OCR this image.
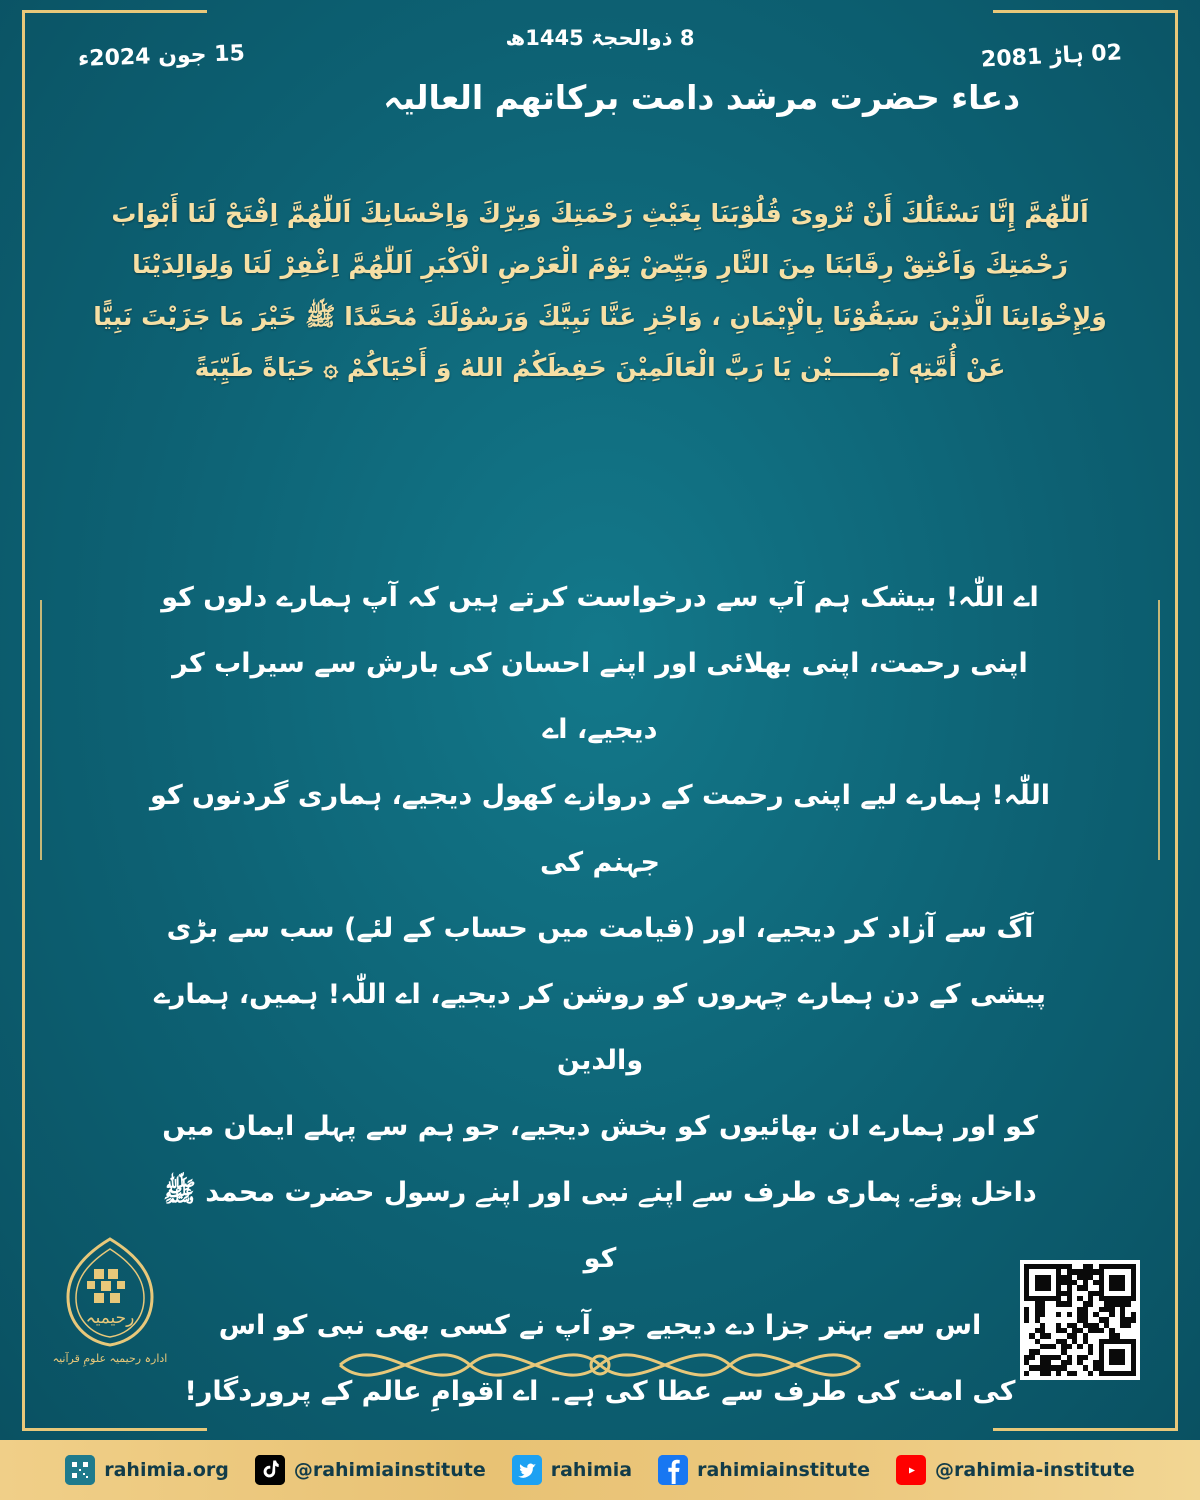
8 ذوالحجۃ 1445ھ
15 جون 2024ء	02 ہاڑ 2081
دعاء حضرت مرشد دامت بركاتهم العالیہ
اَللّٰهُمَّ إِنَّا نَسْئَلُكَ أَنْ تُرْوِىَ قُلُوْبَنَا بِغَيْثِ رَحْمَتِكَ وَبِرِّكَ وَاِحْسَانِكَ اَللّٰهُمَّ اِفْتَحْ لَنَا أَبْوَابَ رَحْمَتِكَ وَاَعْتِقْ رِقَابَنَا مِنَ النَّارِ وَبَيِّضْ يَوْمَ الْعَرْضِ الْاَكْبَرِ اَللّٰهُمَّ اِغْفِرْ لَنَا وَلِوَالِدَيْنَا وَلِإِخْوَانِنَا الَّذِيْنَ سَبَقُوْنَا بِالْإِيْمَانِ ، وَاجْزِ عَنَّا نَبِيَّكَ وَرَسُوْلَكَ مُحَمَّدًا ﷺ خَيْرَ مَا جَزَيْتَ نَبِيًّا عَنْ أُمَّتِهٖ آمِـــــيْن يَا رَبَّ الْعَالَمِيْنَ حَفِظَكُمُ اللهُ وَ أَحْيَاكُمْ ۞ حَيَاةً طَيِّبَةً

اے اللّٰہ! بیشک ہم آپ سے درخواست کرتے ہیں کہ آپ ہمارے دلوں کو

اپنی رحمت، اپنی بھلائی اور اپنے احسان کی بارش سے سیراب کر دیجیے، اے

اللّٰہ! ہمارے لیے اپنی رحمت کے دروازے کھول دیجیے، ہماری گردنوں کو جہنم کی

آگ سے آزاد کر دیجیے، اور (قیامت میں حساب کے لئے) سب سے بڑی

پیشی کے دن ہمارے چہروں کو روشن کر دیجیے، اے اللّٰہ! ہمیں، ہمارے والدین

کو اور ہمارے ان بھائیوں کو بخش دیجیے، جو ہم سے پہلے ایمان میں

داخل ہوئے۔ ہماری طرف سے اپنے نبی اور اپنے رسول حضرت محمد ﷺ کو

اس سے بہتر جزا دے دیجیے جو آپ نے کسی بھی نبی کو اس

کی امت کی طرف سے عطا کی ہے۔ اے اقوامِ عالم کے پروردگار!

رحیمیہ
ادارہ رحیمیہ علومِ قرآنیہ
@rahimia-institute
rahimiainstitute
rahimia
@rahimiainstitute
rahimia.org
